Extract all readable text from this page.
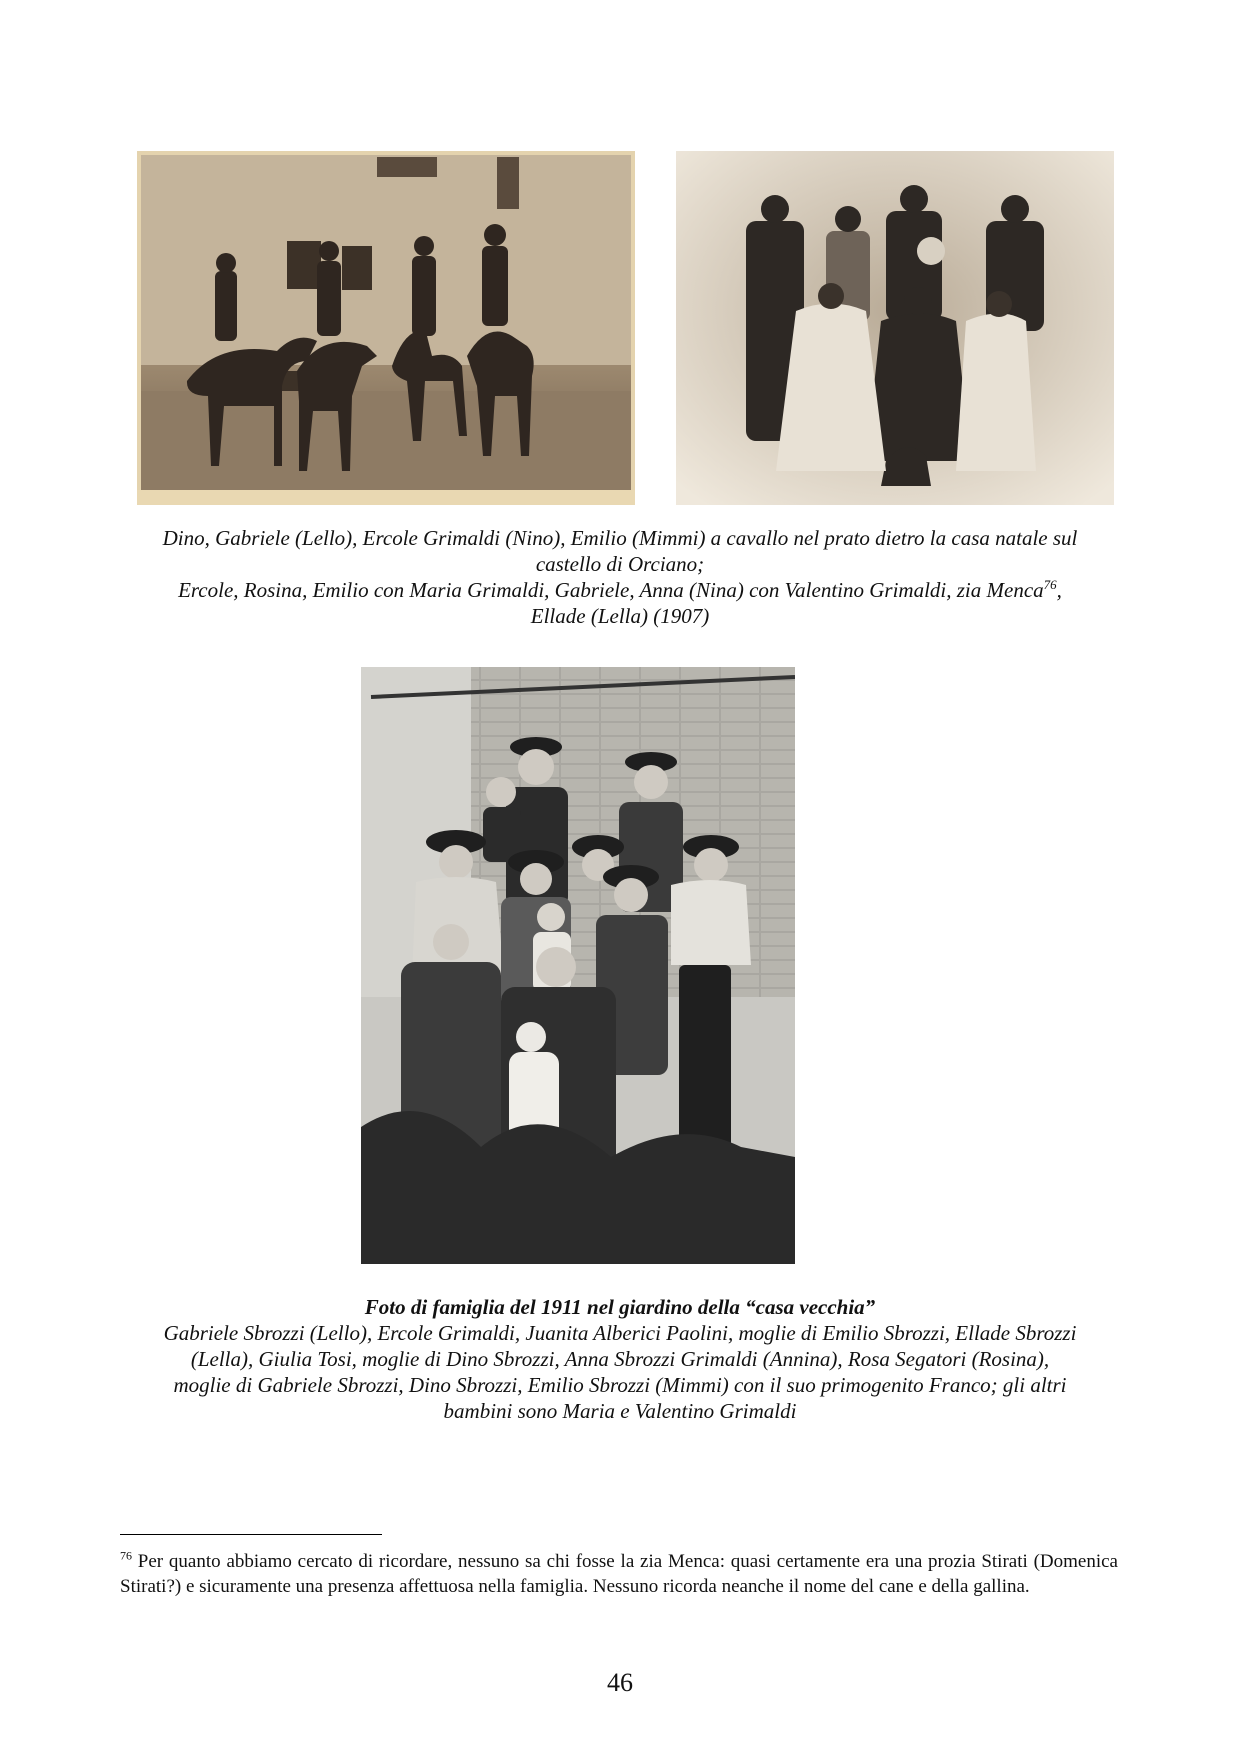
Dino, Gabriele (Lello), Ercole Grimaldi (Nino), Emilio (Mimmi) a cavallo nel prato dietro la casa natale sul
castello di Orciano;
Ercole, Rosina, Emilio con Maria Grimaldi, Gabriele, Anna (Nina) con Valentino Grimaldi, zia Menca$^{76}$,
Ellade (Lella) (1907)
Foto di famiglia del 1911 nel giardino della “casa vecchia”
Gabriele Sbrozzi (Lello), Ercole Grimaldi, Juanita Alberici Paolini, moglie di Emilio Sbrozzi, Ellade Sbrozzi
(Lella), Giulia Tosi, moglie di Dino Sbrozzi, Anna Sbrozzi Grimaldi (Annina), Rosa Segatori (Rosina),
moglie di Gabriele Sbrozzi, Dino Sbrozzi, Emilio Sbrozzi (Mimmi) con il suo primogenito Franco; gli altri
bambini sono Maria e Valentino Grimaldi
$^{76}$ Per quanto abbiamo cercato di ricordare, nessuno sa chi fosse la zia Menca: quasi certamente era una prozia Stirati (Domenica Stirati?) e sicuramente una presenza affettuosa nella famiglia. Nessuno ricorda neanche il nome del cane e della gallina.
46
